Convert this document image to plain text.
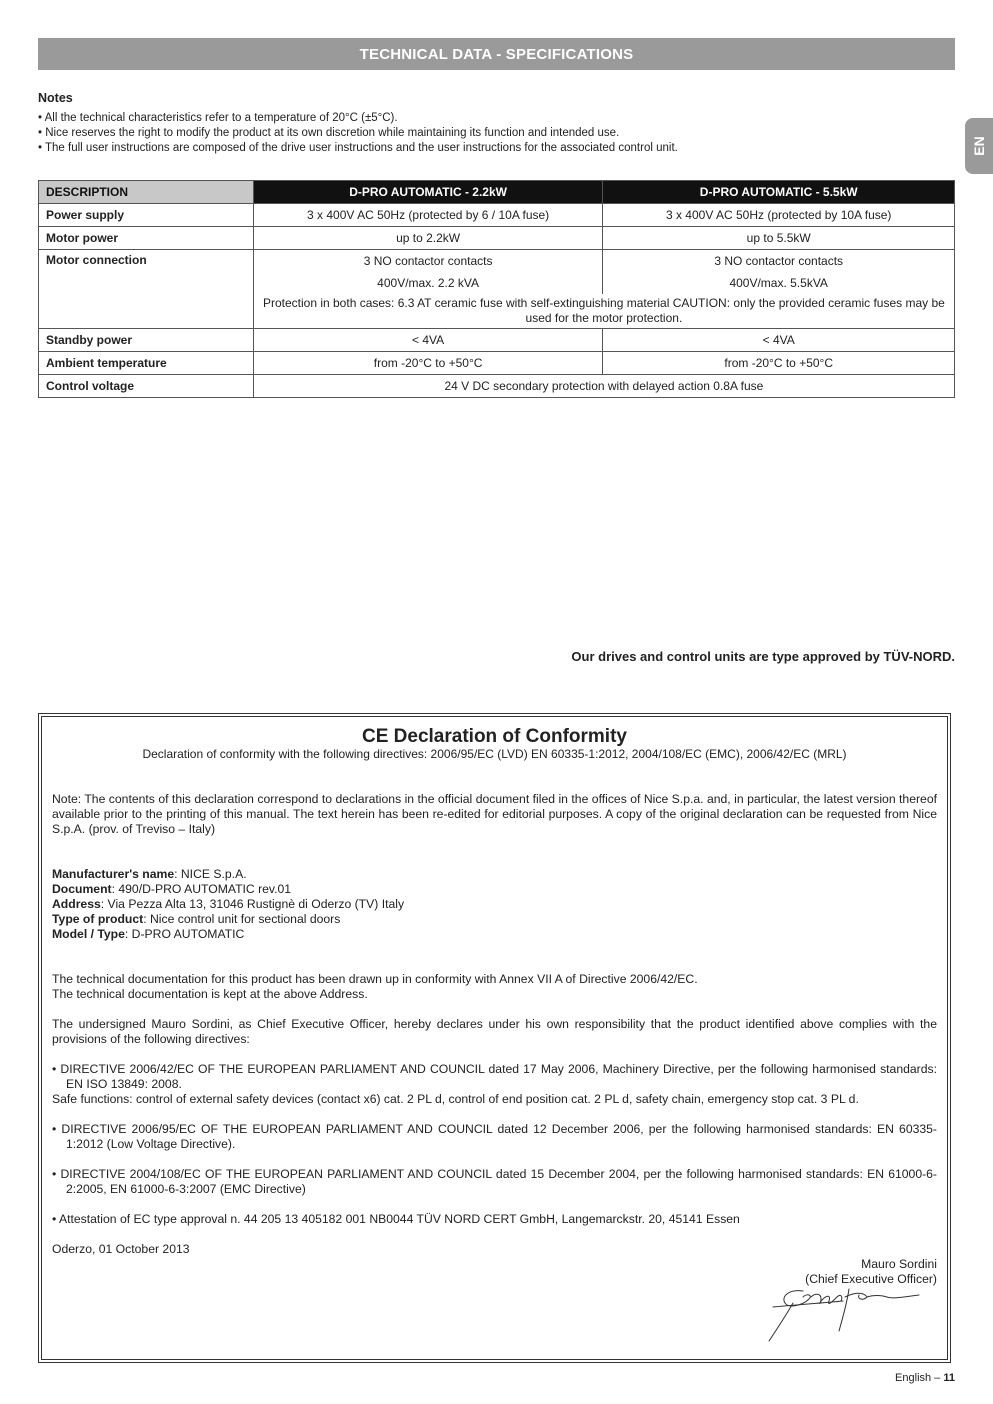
TECHNICAL DATA - SPECIFICATIONS
EN
Notes
• All the technical characteristics refer to a temperature of 20°C (±5°C).
• Nice reserves the right to modify the product at its own discretion while maintaining its function and intended use.
• The full user instructions are composed of the drive user instructions and the user instructions for the associated control unit.
DESCRIPTION	D-PRO AUTOMATIC - 2.2kW	D-PRO AUTOMATIC - 5.5kW
Power supply	3 x 400V AC 50Hz (protected by 6 / 10A fuse)	3 x 400V AC 50Hz (protected by 10A fuse)
Motor power	up to 2.2kW	up to 5.5kW
Motor connection	3 NO contactor contacts	3 NO contactor contacts
	400V/max. 2.2 kVA	400V/max. 5.5kVA
	Protection in both cases: 6.3 AT ceramic fuse with self-extinguishing material CAUTION: only the provided ceramic fuses may be used for the motor protection.	
Standby power	< 4VA	< 4VA
Ambient temperature	from -20°C to +50°C	from -20°C to +50°C
Control voltage	24 V DC secondary protection with delayed action 0.8A fuse	
Our drives and control units are type approved by TÜV-NORD.
CE Declaration of Conformity
Declaration of conformity with the following directives: 2006/95/EC (LVD) EN 60335-1:2012, 2004/108/EC (EMC), 2006/42/EC (MRL)

Note: The contents of this declaration correspond to declarations in the official document filed in the offices of Nice S.p.a. and, in particular, the latest version thereof available prior to the printing of this manual. The text herein has been re-edited for editorial purposes. A copy of the original declaration can be requested from Nice S.p.A. (prov. of Treviso – Italy)

Manufacturer's name: NICE S.p.A.

Document: 490/D-PRO AUTOMATIC rev.01

Address: Via Pezza Alta 13, 31046 Rustignè di Oderzo (TV) Italy

Type of product: Nice control unit for sectional doors

Model / Type: D-PRO AUTOMATIC

The technical documentation for this product has been drawn up in conformity with Annex VII A of Directive 2006/42/EC.

The technical documentation is kept at the above Address.

The undersigned Mauro Sordini, as Chief Executive Officer, hereby declares under his own responsibility that the product identified above complies with the provisions of the following directives:

• DIRECTIVE 2006/42/EC OF THE EUROPEAN PARLIAMENT AND COUNCIL dated 17 May 2006, Machinery Directive, per the following harmonised standards: EN ISO 13849: 2008.

Safe functions: control of external safety devices (contact x6) cat. 2 PL d, control of end position cat. 2 PL d, safety chain, emergency stop cat. 3 PL d.

• DIRECTIVE 2006/95/EC OF THE EUROPEAN PARLIAMENT AND COUNCIL dated 12 December 2006, per the following harmonised standards: EN 60335-1:2012 (Low Voltage Directive).

• DIRECTIVE 2004/108/EC OF THE EUROPEAN PARLIAMENT AND COUNCIL dated 15 December 2004, per the following harmonised standards: EN 61000-6-2:2005, EN 61000-6-3:2007 (EMC Directive)

• Attestation of EC type approval n. 44 205 13 405182 001 NB0044 TÜV NORD CERT GmbH, Langemarckstr. 20, 45141 Essen

Oderzo, 01 October 2013

Mauro Sordini
(Chief Executive Officer)
English – 11
